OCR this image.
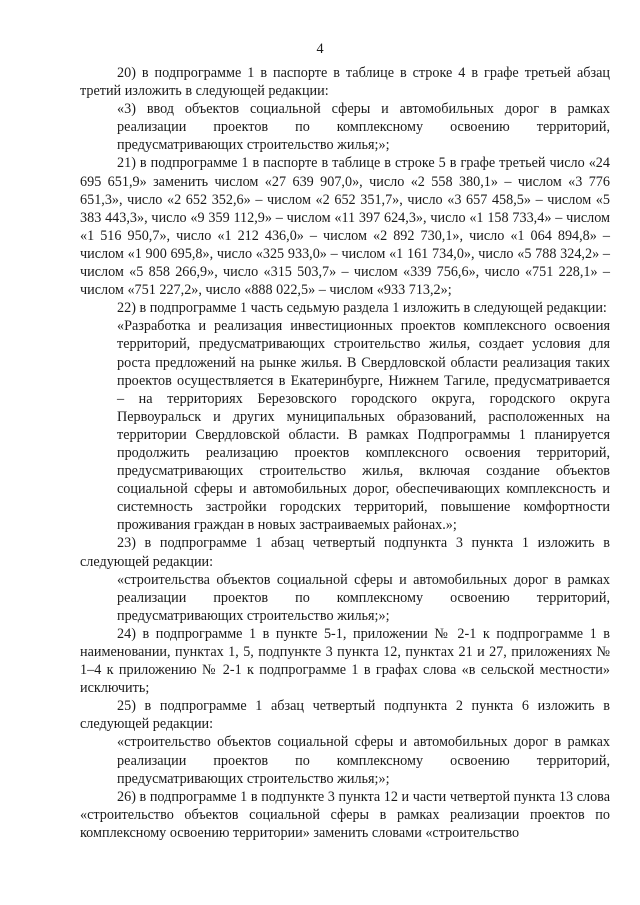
4

20) в подпрограмме 1 в паспорте в таблице в строке 4 в графе третьей абзац третий изложить в следующей редакции:

«3) ввод объектов социальной сферы и автомобильных дорог в рамках реализации проектов по комплексному освоению территорий, предусматривающих строительство жилья;»;

21) в подпрограмме 1 в паспорте в таблице в строке 5 в графе третьей число «24 695 651,9» заменить числом «27 639 907,0», число «2 558 380,1» – числом «3 776 651,3», число «2 652 352,6» – числом «2 652 351,7», число «3 657 458,5» – числом «5 383 443,3», число «9 359 112,9» – числом «11 397 624,3», число «1 158 733,4» – числом «1 516 950,7», число «1 212 436,0» – числом «2 892 730,1», число «1 064 894,8» – числом «1 900 695,8», число «325 933,0» – числом «1 161 734,0», число «5 788 324,2» – числом «5 858 266,9», число «315 503,7» – числом «339 756,6», число «751 228,1» – числом «751 227,2», число «888 022,5» – числом «933 713,2»;

22) в подпрограмме 1 часть седьмую раздела 1 изложить в следующей редакции:

«Разработка и реализация инвестиционных проектов комплексного освоения территорий, предусматривающих строительство жилья, создает условия для роста предложений на рынке жилья. В Свердловской области реализация таких проектов осуществляется в Екатеринбурге, Нижнем Тагиле, предусматривается – на территориях Березовского городского округа, городского округа Первоуральск и других муниципальных образований, расположенных на территории Свердловской области. В рамках Подпрограммы 1 планируется продолжить реализацию проектов комплексного освоения территорий, предусматривающих строительство жилья, включая создание объектов социальной сферы и автомобильных дорог, обеспечивающих комплексность и системность застройки городских территорий, повышение комфортности проживания граждан в новых застраиваемых районах.»;

23) в подпрограмме 1 абзац четвертый подпункта 3 пункта 1 изложить в следующей редакции:

«строительства объектов социальной сферы и автомобильных дорог в рамках реализации проектов по комплексному освоению территорий, предусматривающих строительство жилья;»;

24) в подпрограмме 1 в пункте 5-1, приложении № 2-1 к подпрограмме 1 в наименовании, пунктах 1, 5, подпункте 3 пункта 12, пунктах 21 и 27, приложениях № 1–4 к приложению № 2-1 к подпрограмме 1 в графах слова «в сельской местности» исключить;

25) в подпрограмме 1 абзац четвертый подпункта 2 пункта 6 изложить в следующей редакции:

«строительство объектов социальной сферы и автомобильных дорог в рамках реализации проектов по комплексному освоению территорий, предусматривающих строительство жилья;»;

26) в подпрограмме 1 в подпункте 3 пункта 12 и части четвертой пункта 13 слова «строительство объектов социальной сферы в рамках реализации проектов по комплексному освоению территории» заменить словами «строительство
